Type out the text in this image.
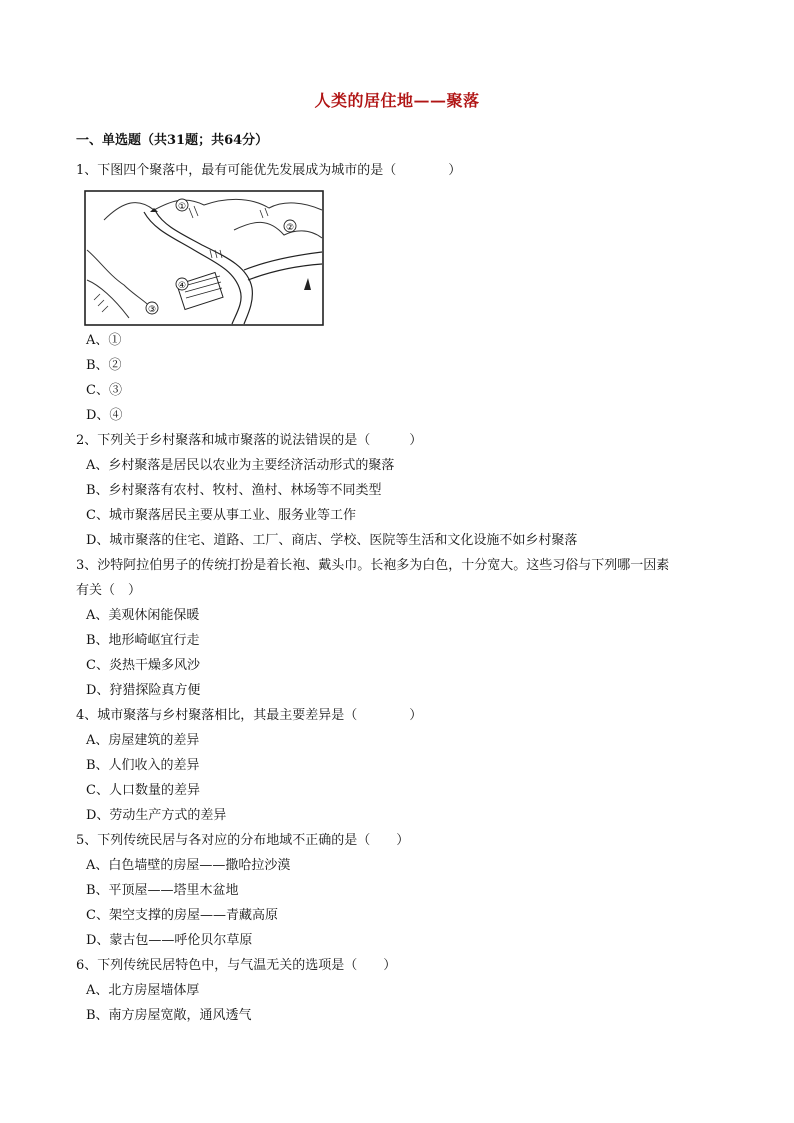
人类的居住地——聚落
一、单选题（共31题；共64分）
1、下图四个聚落中，最有可能优先发展成为城市的是（　　　　）
①
②
③
④
A、①
B、②
C、③
D、④
2、下列关于乡村聚落和城市聚落的说法错误的是（　　　）
A、乡村聚落是居民以农业为主要经济活动形式的聚落
B、乡村聚落有农村、牧村、渔村、林场等不同类型
C、城市聚落居民主要从事工业、服务业等工作
D、城市聚落的住宅、道路、工厂、商店、学校、医院等生活和文化设施不如乡村聚落
3、沙特阿拉伯男子的传统打扮是着长袍、戴头巾。长袍多为白色，十分宽大。这些习俗与下列哪一因素
有关（　）
A、美观休闲能保暖
B、地形崎岖宜行走
C、炎热干燥多风沙
D、狩猎探险真方便
4、城市聚落与乡村聚落相比，其最主要差异是（　　　　）
A、房屋建筑的差异
B、人们收入的差异
C、人口数量的差异
D、劳动生产方式的差异
5、下列传统民居与各对应的分布地域不正确的是（　　）
A、白色墙壁的房屋——撒哈拉沙漠
B、平顶屋——塔里木盆地
C、架空支撑的房屋——青藏高原
D、蒙古包——呼伦贝尔草原
6、下列传统民居特色中，与气温无关的选项是（　　）
A、北方房屋墙体厚
B、南方房屋宽敞，通风透气
